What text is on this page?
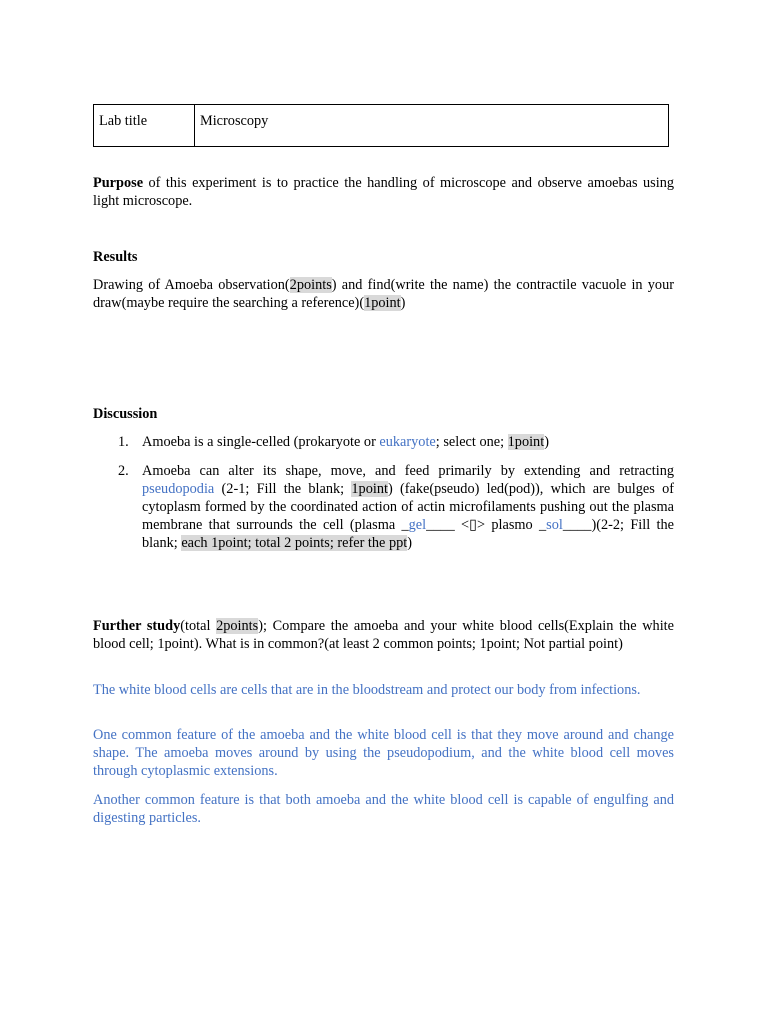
Lab title	Microscopy

Purpose of this experiment is to practice the handling of microscope and observe amoebas using light microscope.

Results

Drawing of Amoeba observation(2points) and find(write the name) the contractile vacuole in your draw(maybe require the searching a reference)(1point)

Discussion

1. Amoeba is a single-celled (prokaryote or eukaryote; select one; 1point)
2. Amoeba can alter its shape, move, and feed primarily by extending and retracting pseudopodia (2-1; Fill the blank; 1point) (fake(pseudo) led(pod)), which are bulges of cytoplasm formed by the coordinated action of actin microfilaments pushing out the plasma membrane that surrounds the cell (plasma _gel____ <▯> plasmo _sol____)(2-2; Fill the blank; each 1point; total 2 points; refer the ppt)

Further study(total 2points); Compare the amoeba and your white blood cells(Explain the white blood cell; 1point). What is in common?(at least 2 common points; 1point; Not partial point)

The white blood cells are cells that are in the bloodstream and protect our body from infections.

One common feature of the amoeba and the white blood cell is that they move around and change shape. The amoeba moves around by using the pseudopodium, and the white blood cell moves through cytoplasmic extensions.

Another common feature is that both amoeba and the white blood cell is capable of engulfing and digesting particles.
